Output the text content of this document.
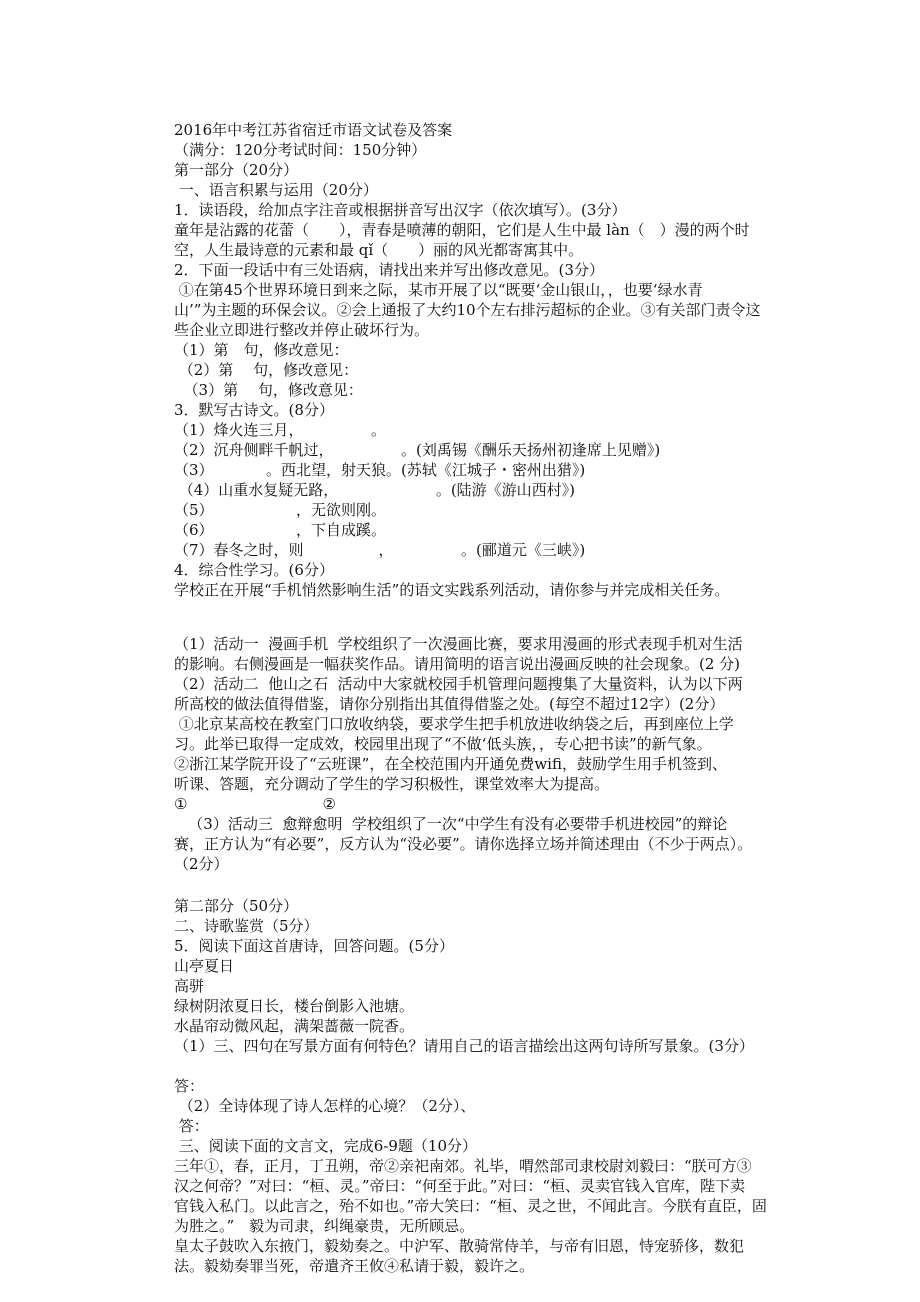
2016年中考江苏省宿迁市语文试卷及答案
（满分：120分考试时间：150分钟）
第一部分（20分）
一、语言积累与运用（20分）
1．读语段，给加点字注音或根据拼音写出汉字（依次填写）。(3分）
童年是沾露的花蕾（　　），青春是喷薄的朝阳，它们是人生中最 làn（　）漫的两个时
空，人生最诗意的元素和最 qǐ（　　）丽的风光都寄寓其中。
2．下面一段话中有三处语病，请找出来并写出修改意见。(3分）
①在第45个世界环境日到来之际，某市开展了以“既要‘金山银山，，也要‘绿水青
山’”为主题的环保会议。②会上通报了大约10个左右排污超标的企业。③有关部门责令这
些企业立即进行整改并停止破坏行为。
（1）第　句，修改意见：
（2）第　 句，修改意见：
（3）第　 句，修改意见：
3．默写古诗文。(8分）
（1）烽火连三月，　　　　　。
（2）沉舟侧畔千帆过，　　　　　。(刘禹锡《酬乐天扬州初逢席上见赠》)
（3）　　　　。西北望，射天狼。(苏轼《江城子・密州出猎》)
（4）山重水复疑无路，　　　　　　　。(陆游《游山西村》)
（5）　　　　　　，无欲则刚。
（6）　　　　　　，下自成蹊。
（7）春冬之时，则　　　　　，　　　　　。(郦道元《三峡》)
4．综合性学习。(6分）
学校正在开展“手机悄然影响生活”的语文实践系列活动，请你参与并完成相关任务。
（1）活动一  漫画手机  学校组织了一次漫画比赛，要求用漫画的形式表现手机对生活
的影响。右侧漫画是一幅获奖作品。请用简明的语言说出漫画反映的社会现象。(2 分)
（2）活动二  他山之石  活动中大家就校园手机管理问题搜集了大量资料，认为以下两
所高校的做法值得借鉴，请你分别指出其值得借鉴之处。(每空不超过12字）(2分）
①北京某高校在教室门口放收纳袋，要求学生把手机放进收纳袋之后，再到座位上学
习。此举已取得一定成效，校园里出现了“不做‘低头族，，专心把书读”的新气象。
②浙江某学院开设了“云班课”，在全校范围内开通免费wifi，鼓励学生用手机签到、
听课、答题，充分调动了学生的学习积极性，课堂效率大为提高。
①　　　　　　　　　②
（3）活动三  愈辩愈明  学校组织了一次“中学生有没有必要带手机进校园”的辩论
赛，正方认为“有必要”，反方认为“没必要”。请你选择立场并简述理由（不少于两点）。
（2分）
第二部分（50分）
二、诗歌鉴赏（5分）
5．阅读下面这首唐诗，回答问题。(5分）
山亭夏日
高骈
绿树阴浓夏日长，楼台倒影入池塘。
水晶帘动微风起，满架蔷薇一院香。
（1）三、四句在写景方面有何特色？请用自己的语言描绘出这两句诗所写景象。(3分）
答：
（2）全诗体现了诗人怎样的心境？（2分）、
答：
三、阅读下面的文言文，完成6-9题（10分）
三年①，春，正月，丁丑朔，帝②亲祀南郊。礼毕，喟然部司隶校尉刘毅曰：“朕可方③
汉之何帝？”对曰：“桓、灵。”帝曰：“何至于此。”对曰：“桓、灵卖官钱入官库，陛下卖
官钱入私门。以此言之，殆不如也。”帝大笑曰：“桓、灵之世，不闻此言。今朕有直臣，固
为胜之。”　毅为司隶，纠绳豪贵，无所顾忌。
皇太子鼓吹入东掖门，毅劾奏之。中沪军、散骑常侍羊，与帝有旧恩，恃宠骄侈，数犯
法。毅劾奏罪当死，帝遣齐王攸④私请于毅，毅许之。
